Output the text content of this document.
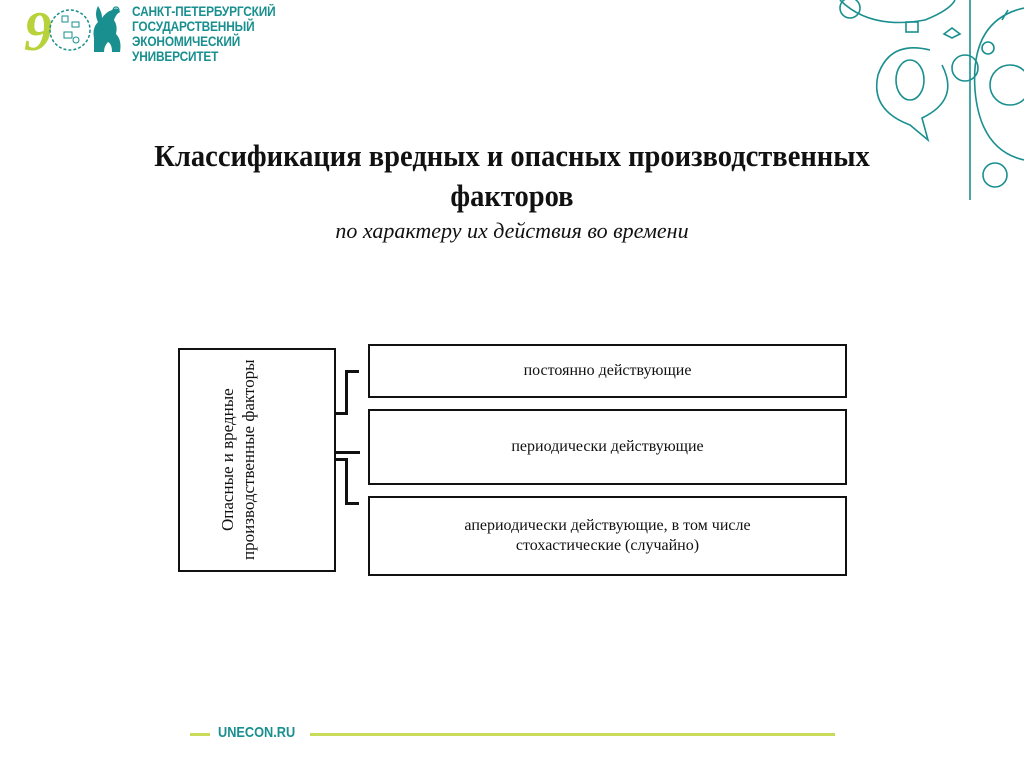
9	САНКТ-ПЕТЕРБУРГСКИЙ
ГОСУДАРСТВЕННЫЙ
ЭКОНОМИЧЕСКИЙ УНИВЕРСИТЕТ
Классификация вредных и опасных производственных
факторов
по характеру их действия во времени
Опасные и вредные производственные факторы	постоянно действующие
периодически действующие
апериодически действующие, в том числе
стохастические (случайно)
UNECON.RU
